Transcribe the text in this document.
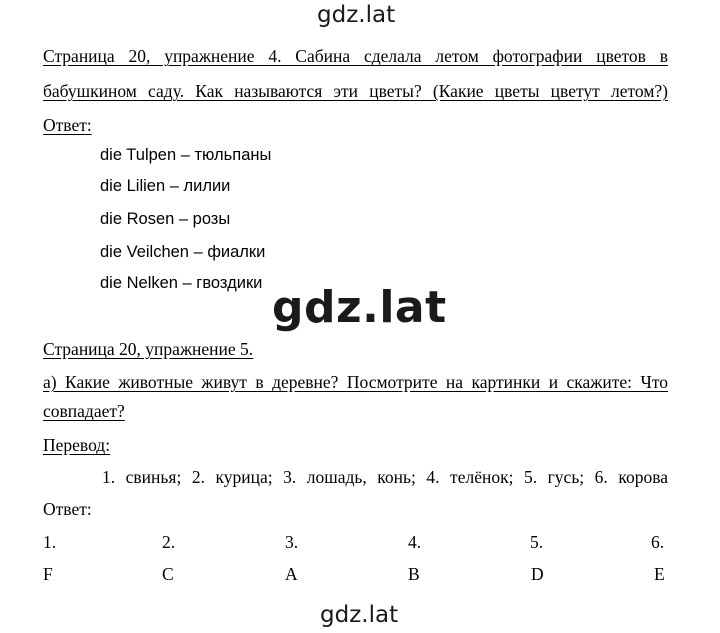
gdz.lat
gdz.lat
gdz.lat
Страница 20, упражнение 4. Сабина сделала летом фотографии цветов в
бабушкином саду. Как называются эти цветы? (Какие цветы цветут летом?)
Ответ:
die Tulpen – тюльпаны
die Lilien – лилии
die Rosen – розы
die Veilchen – фиалки
die Nelken – гвоздики
Страница 20, упражнение 5.
а) Какие животные живут в деревне? Посмотрите на картинки и скажите: Что
совпадает?
Перевод:
1. свинья; 2. курица; 3. лошадь, конь; 4. телёнок; 5. гусь; 6. корова
Ответ:
1.	2.	3.	4.	5.	6.
F	C	A	B	D	E
